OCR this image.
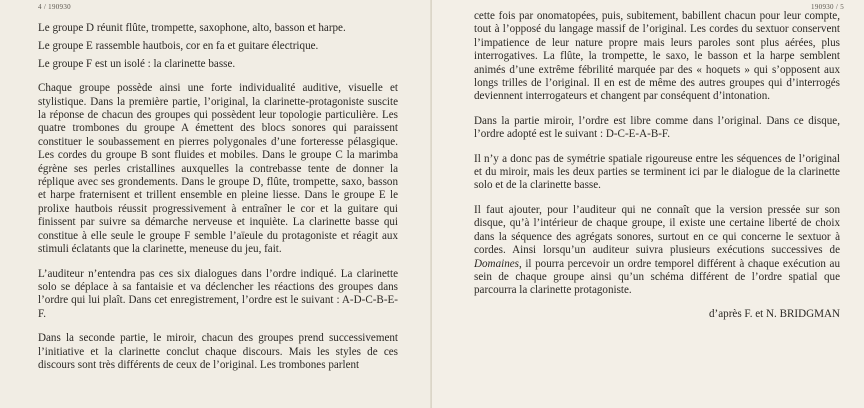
4 / 190930

Le groupe D réunit flûte, trompette, saxophone, alto, basson et harpe.

Le groupe E rassemble hautbois, cor en fa et guitare électrique.

Le groupe F est un isolé : la clarinette basse.

Chaque groupe possède ainsi une forte individualité auditive, visuelle et stylistique. Dans la première partie, l’original, la clarinette-protagoniste suscite la réponse de chacun des groupes qui possèdent leur topologie particulière. Les quatre trombones du groupe A émettent des blocs sonores qui paraissent constituer le soubassement en pierres polygonales d’une forteresse pélasgique. Les cordes du groupe B sont fluides et mobiles. Dans le groupe C la marimba égrène ses perles cristallines auxquelles la contrebasse tente de donner la réplique avec ses grondements. Dans le groupe D, flûte, trompette, saxo, basson et harpe fraternisent et trillent ensemble en pleine liesse. Dans le groupe E le prolixe hautbois réussit progressivement à entraîner le cor et la guitare qui finissent par suivre sa démarche nerveuse et inquiète. La clarinette basse qui constitue à elle seule le groupe F semble l’aïeule du protagoniste et réagit aux stimuli éclatants que la clarinette, meneuse du jeu, fait.

L’auditeur n’entendra pas ces six dialogues dans l’ordre indiqué. La clarinette solo se déplace à sa fantaisie et va déclencher les réactions des groupes dans l’ordre qui lui plaît. Dans cet enregistrement, l’ordre est le suivant : A-D-C-B-E-F.

Dans la seconde partie, le miroir, chacun des groupes prend successivement l’initiative et la clarinette conclut chaque discours. Mais les styles de ces discours sont très différents de ceux de l’original. Les trombones parlent

190930 / 5

cette fois par onomatopées, puis, subitement, babillent chacun pour leur compte, tout à l’opposé du langage massif de l’original. Les cordes du sextuor conservent l’impatience de leur nature propre mais leurs paroles sont plus aérées, plus interrogatives. La flûte, la trompette, le saxo, le basson et la harpe semblent animés d’une extrême fébrilité marquée par des « hoquets » qui s’opposent aux longs trilles de l’original. Il en est de même des autres groupes qui d’interrogés deviennent interrogateurs et changent par conséquent d’intonation.

Dans la partie miroir, l’ordre est libre comme dans l’original. Dans ce disque, l’ordre adopté est le suivant : D-C-E-A-B-F.

Il n’y a donc pas de symétrie spatiale rigoureuse entre les séquences de l’original et du miroir, mais les deux parties se terminent ici par le dialogue de la clarinette solo et de la clarinette basse.

Il faut ajouter, pour l’auditeur qui ne connaît que la version pressée sur son disque, qu’à l’intérieur de chaque groupe, il existe une certaine liberté de choix dans la séquence des agrégats sonores, surtout en ce qui concerne le sextuor à cordes. Ainsi lorsqu’un auditeur suivra plusieurs exécutions successives de Domaines, il pourra percevoir un ordre temporel différent à chaque exécution au sein de chaque groupe ainsi qu’un schéma différent de l’ordre spatial que parcourra la clarinette protagoniste.

d’après F. et N. BRIDGMAN
